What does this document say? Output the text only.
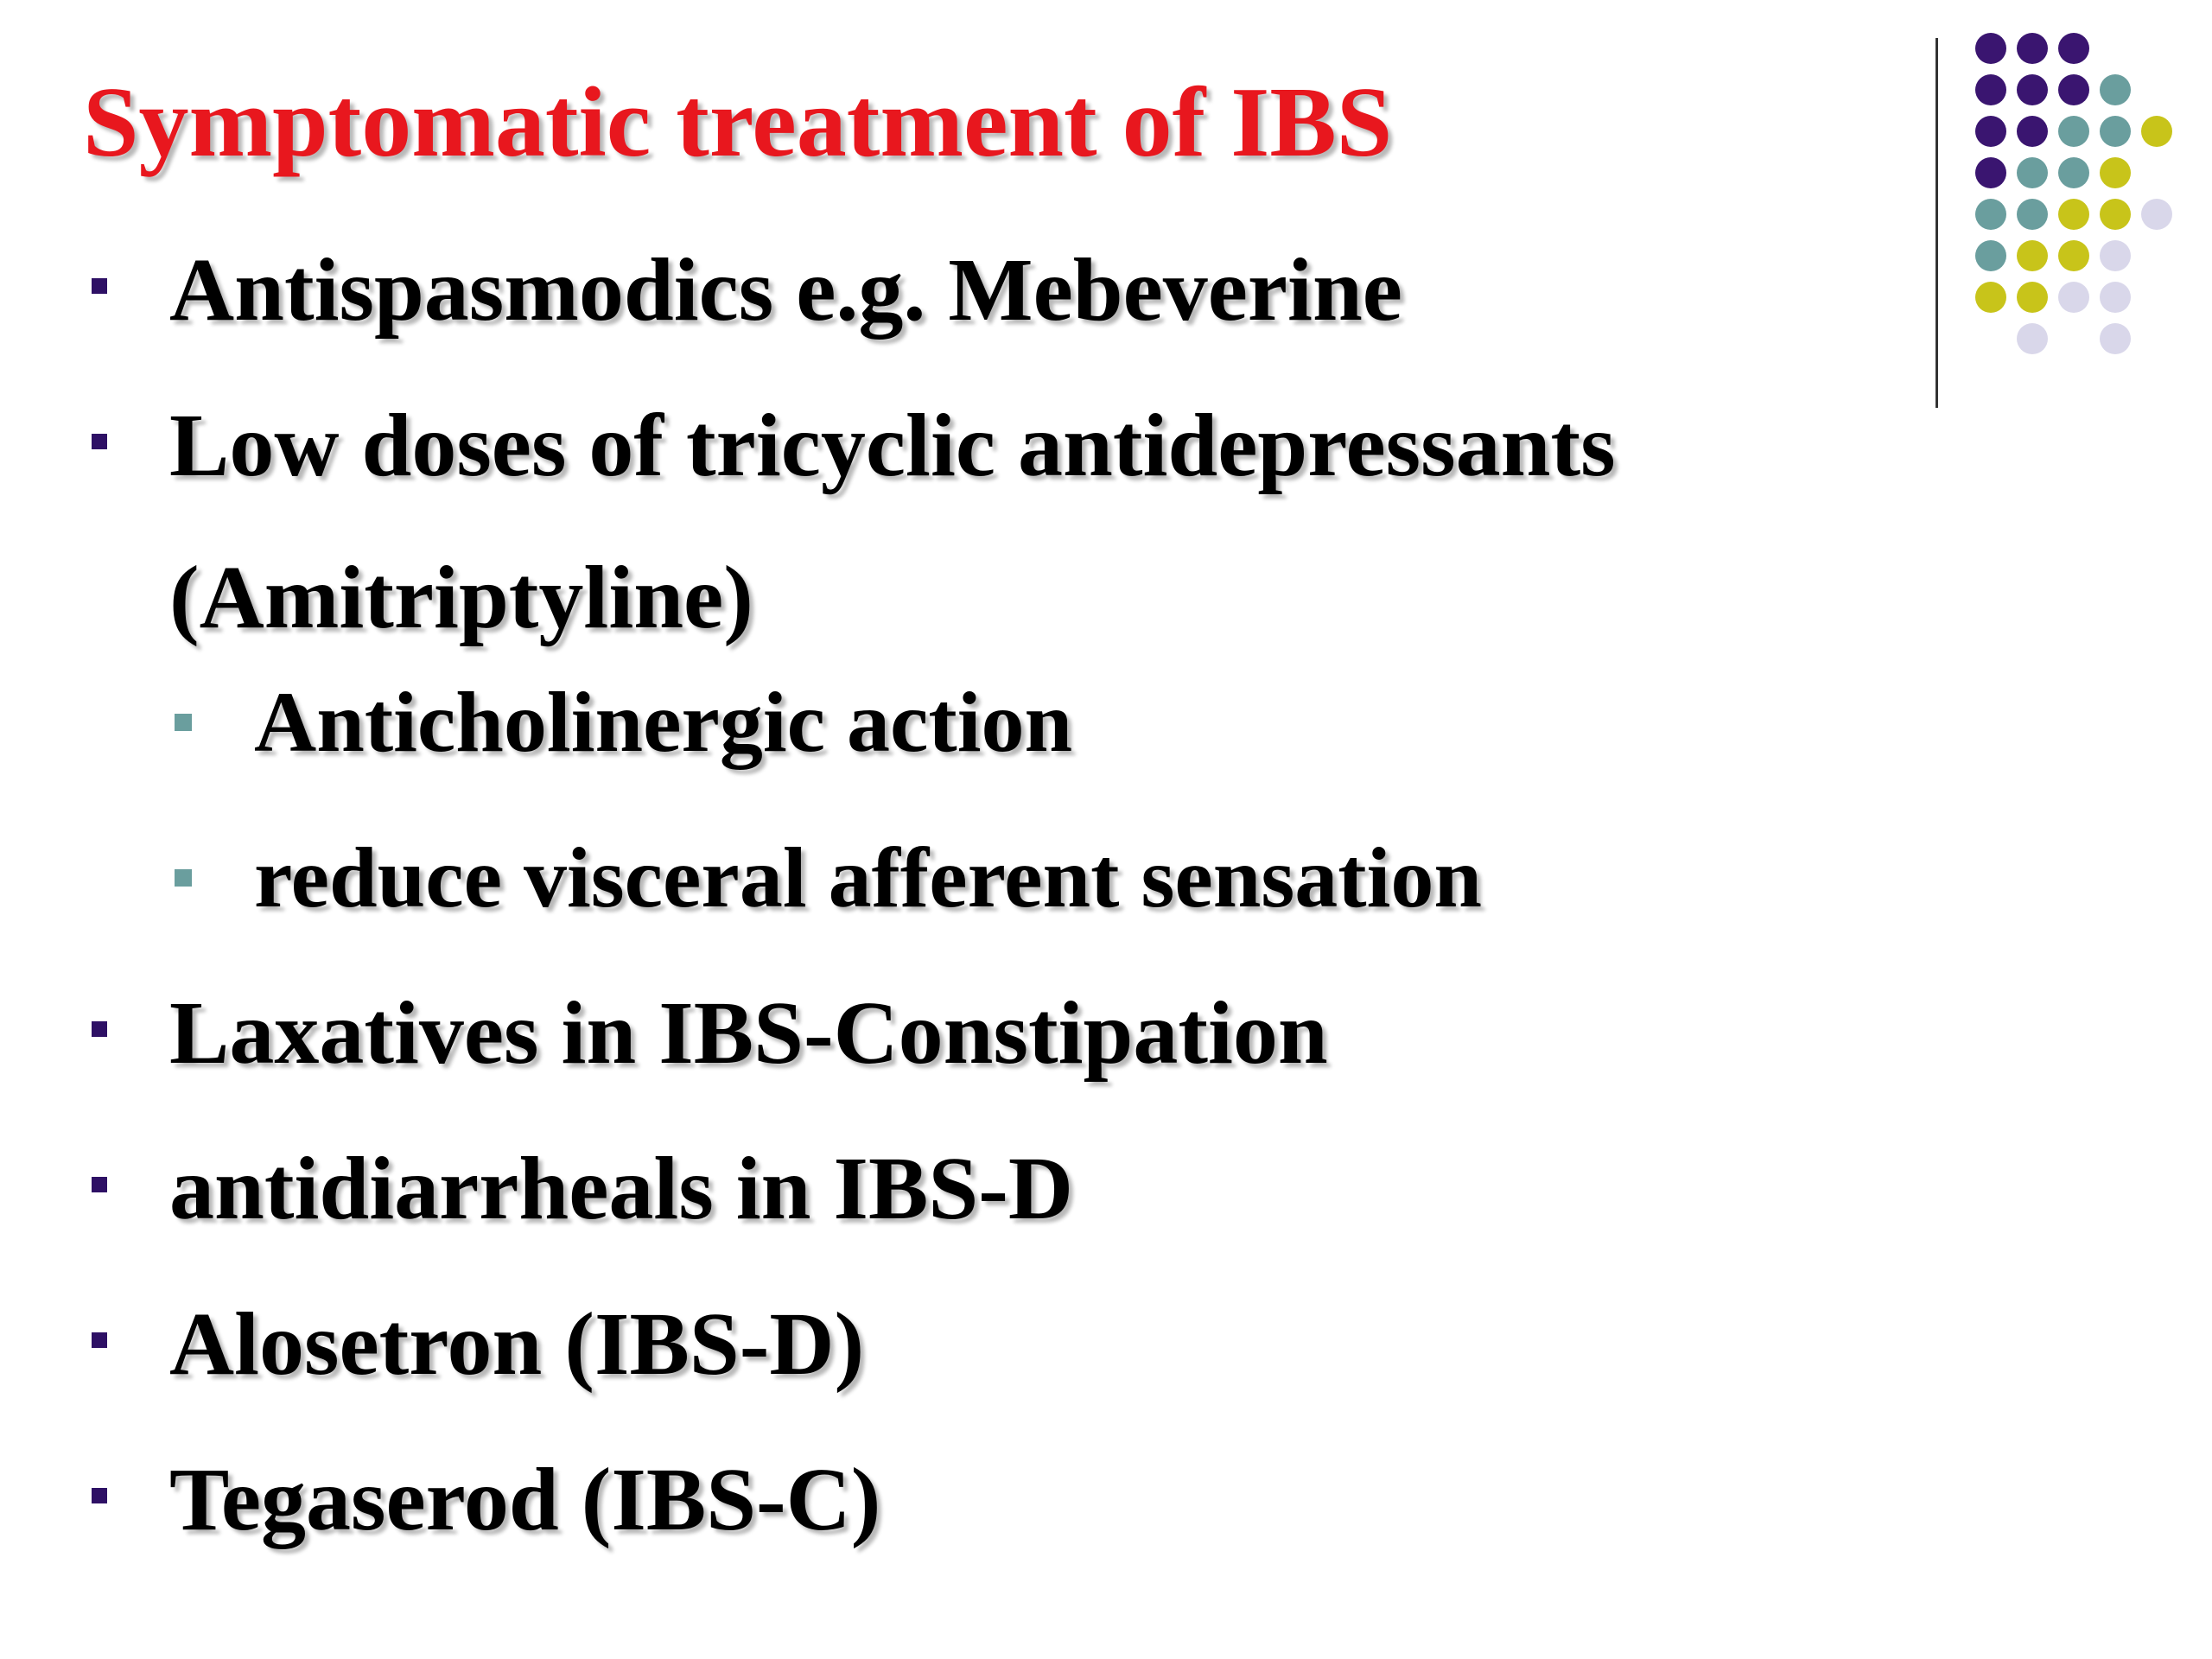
Symptomatic treatment of IBS
Antispasmodics e.g. Mebeverine
Low doses of tricyclic antidepressants
(Amitriptyline)
Anticholinergic action
reduce visceral afferent sensation
Laxatives in IBS-Constipation
antidiarrheals in IBS-D
Alosetron (IBS-D)
Tegaserod (IBS-C)
